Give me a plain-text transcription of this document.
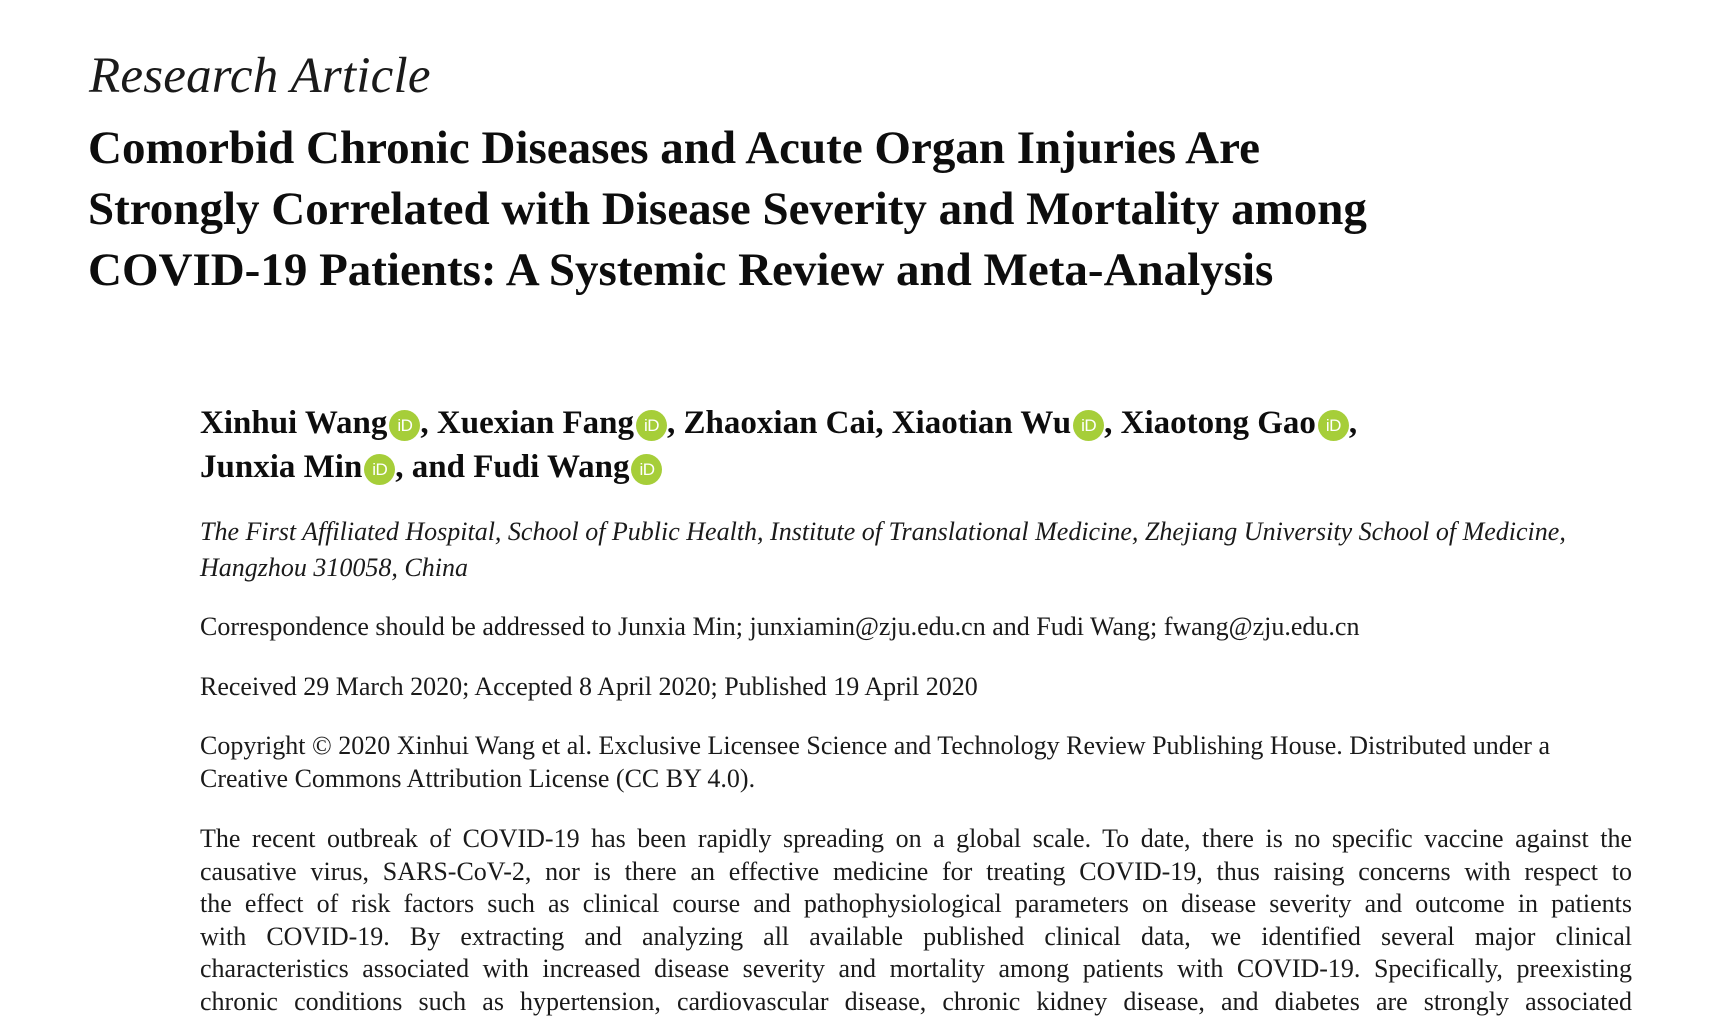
Research Article
Comorbid Chronic Diseases and Acute Organ Injuries Are
Strongly Correlated with Disease Severity and Mortality among
COVID-19 Patients: A Systemic Review and Meta-Analysis
Xinhui Wang iD , Xuexian Fang iD , Zhaoxian Cai, Xiaotian Wu iD , Xiaotong Gao iD ,
Junxia Min iD , and Fudi Wang iD
The First Affiliated Hospital, School of Public Health, Institute of Translational Medicine, Zhejiang University School of Medicine,
Hangzhou 310058, China
Correspondence should be addressed to Junxia Min; junxiamin@zju.edu.cn and Fudi Wang; fwang@zju.edu.cn
Received 29 March 2020; Accepted 8 April 2020; Published 19 April 2020
Copyright © 2020 Xinhui Wang et al. Exclusive Licensee Science and Technology Review Publishing House. Distributed under a
Creative Commons Attribution License (CC BY 4.0).
The recent outbreak of COVID-19 has been rapidly spreading on a global scale. To date, there is no specific vaccine against the
causative virus, SARS-CoV-2, nor is there an effective medicine for treating COVID-19, thus raising concerns with respect to
the effect of risk factors such as clinical course and pathophysiological parameters on disease severity and outcome in patients
with COVID-19. By extracting and analyzing all available published clinical data, we identified several major clinical
characteristics associated with increased disease severity and mortality among patients with COVID-19. Specifically, preexisting
chronic conditions such as hypertension, cardiovascular disease, chronic kidney disease, and diabetes are strongly associated
